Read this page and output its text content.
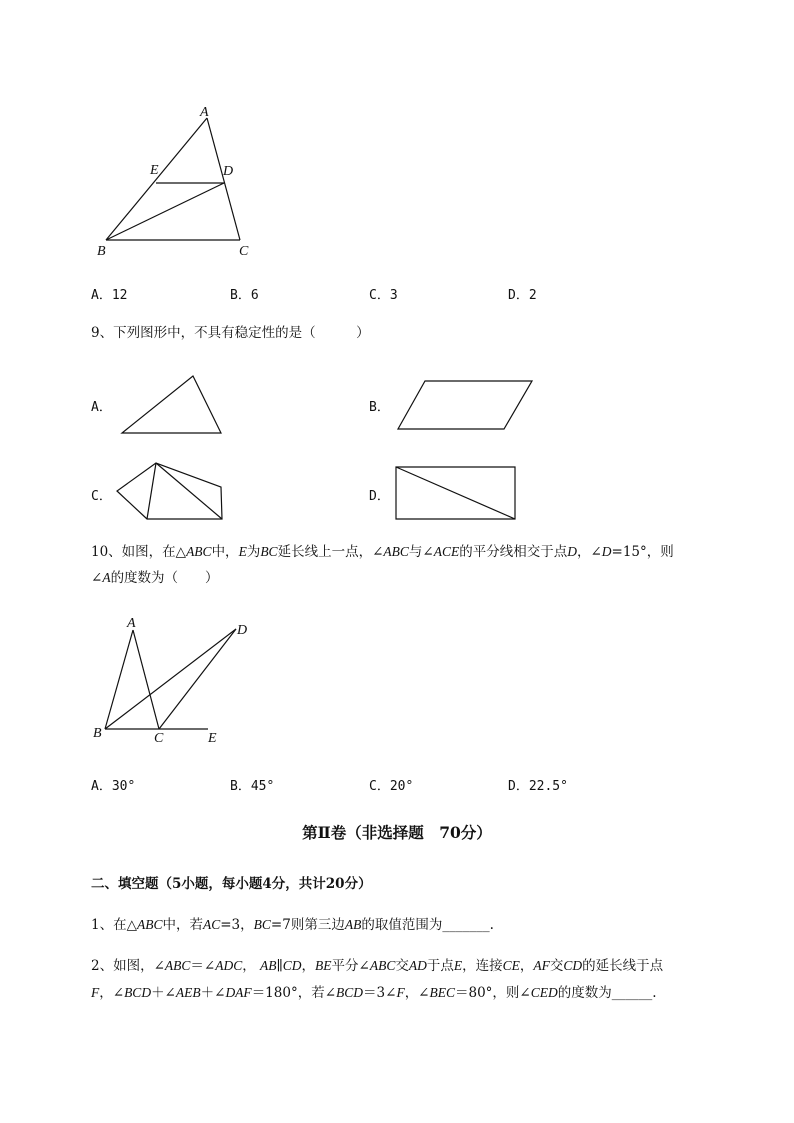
A
E	D
B	C
A．12	B．6	C．3	D．2
9、下列图形中，不具有稳定性的是（　　　）
A．	B．
C．	D．
10、如图，在△ABC中，E为BC延长线上一点，∠ABC与∠ACE的平分线相交于点D，∠D=15°，则
∠A的度数为（　　）
A	D
B	C	E
A．30°	B．45°	C．20°	D．22.5°
第Ⅱ卷（非选择题　70分）
二、填空题（5小题，每小题4分，共计20分）
1、在△ABC中，若AC=3，BC=7则第三边AB的取值范围为_______.
2、如图，∠ABC＝∠ADC， AB∥CD，BE平分∠ABC交AD于点E，连接CE，AF交CD的延长线于点
F，∠BCD＋∠AEB＋∠DAF＝180°，若∠BCD＝3∠F，∠BEC＝80°，则∠CED的度数为______.
